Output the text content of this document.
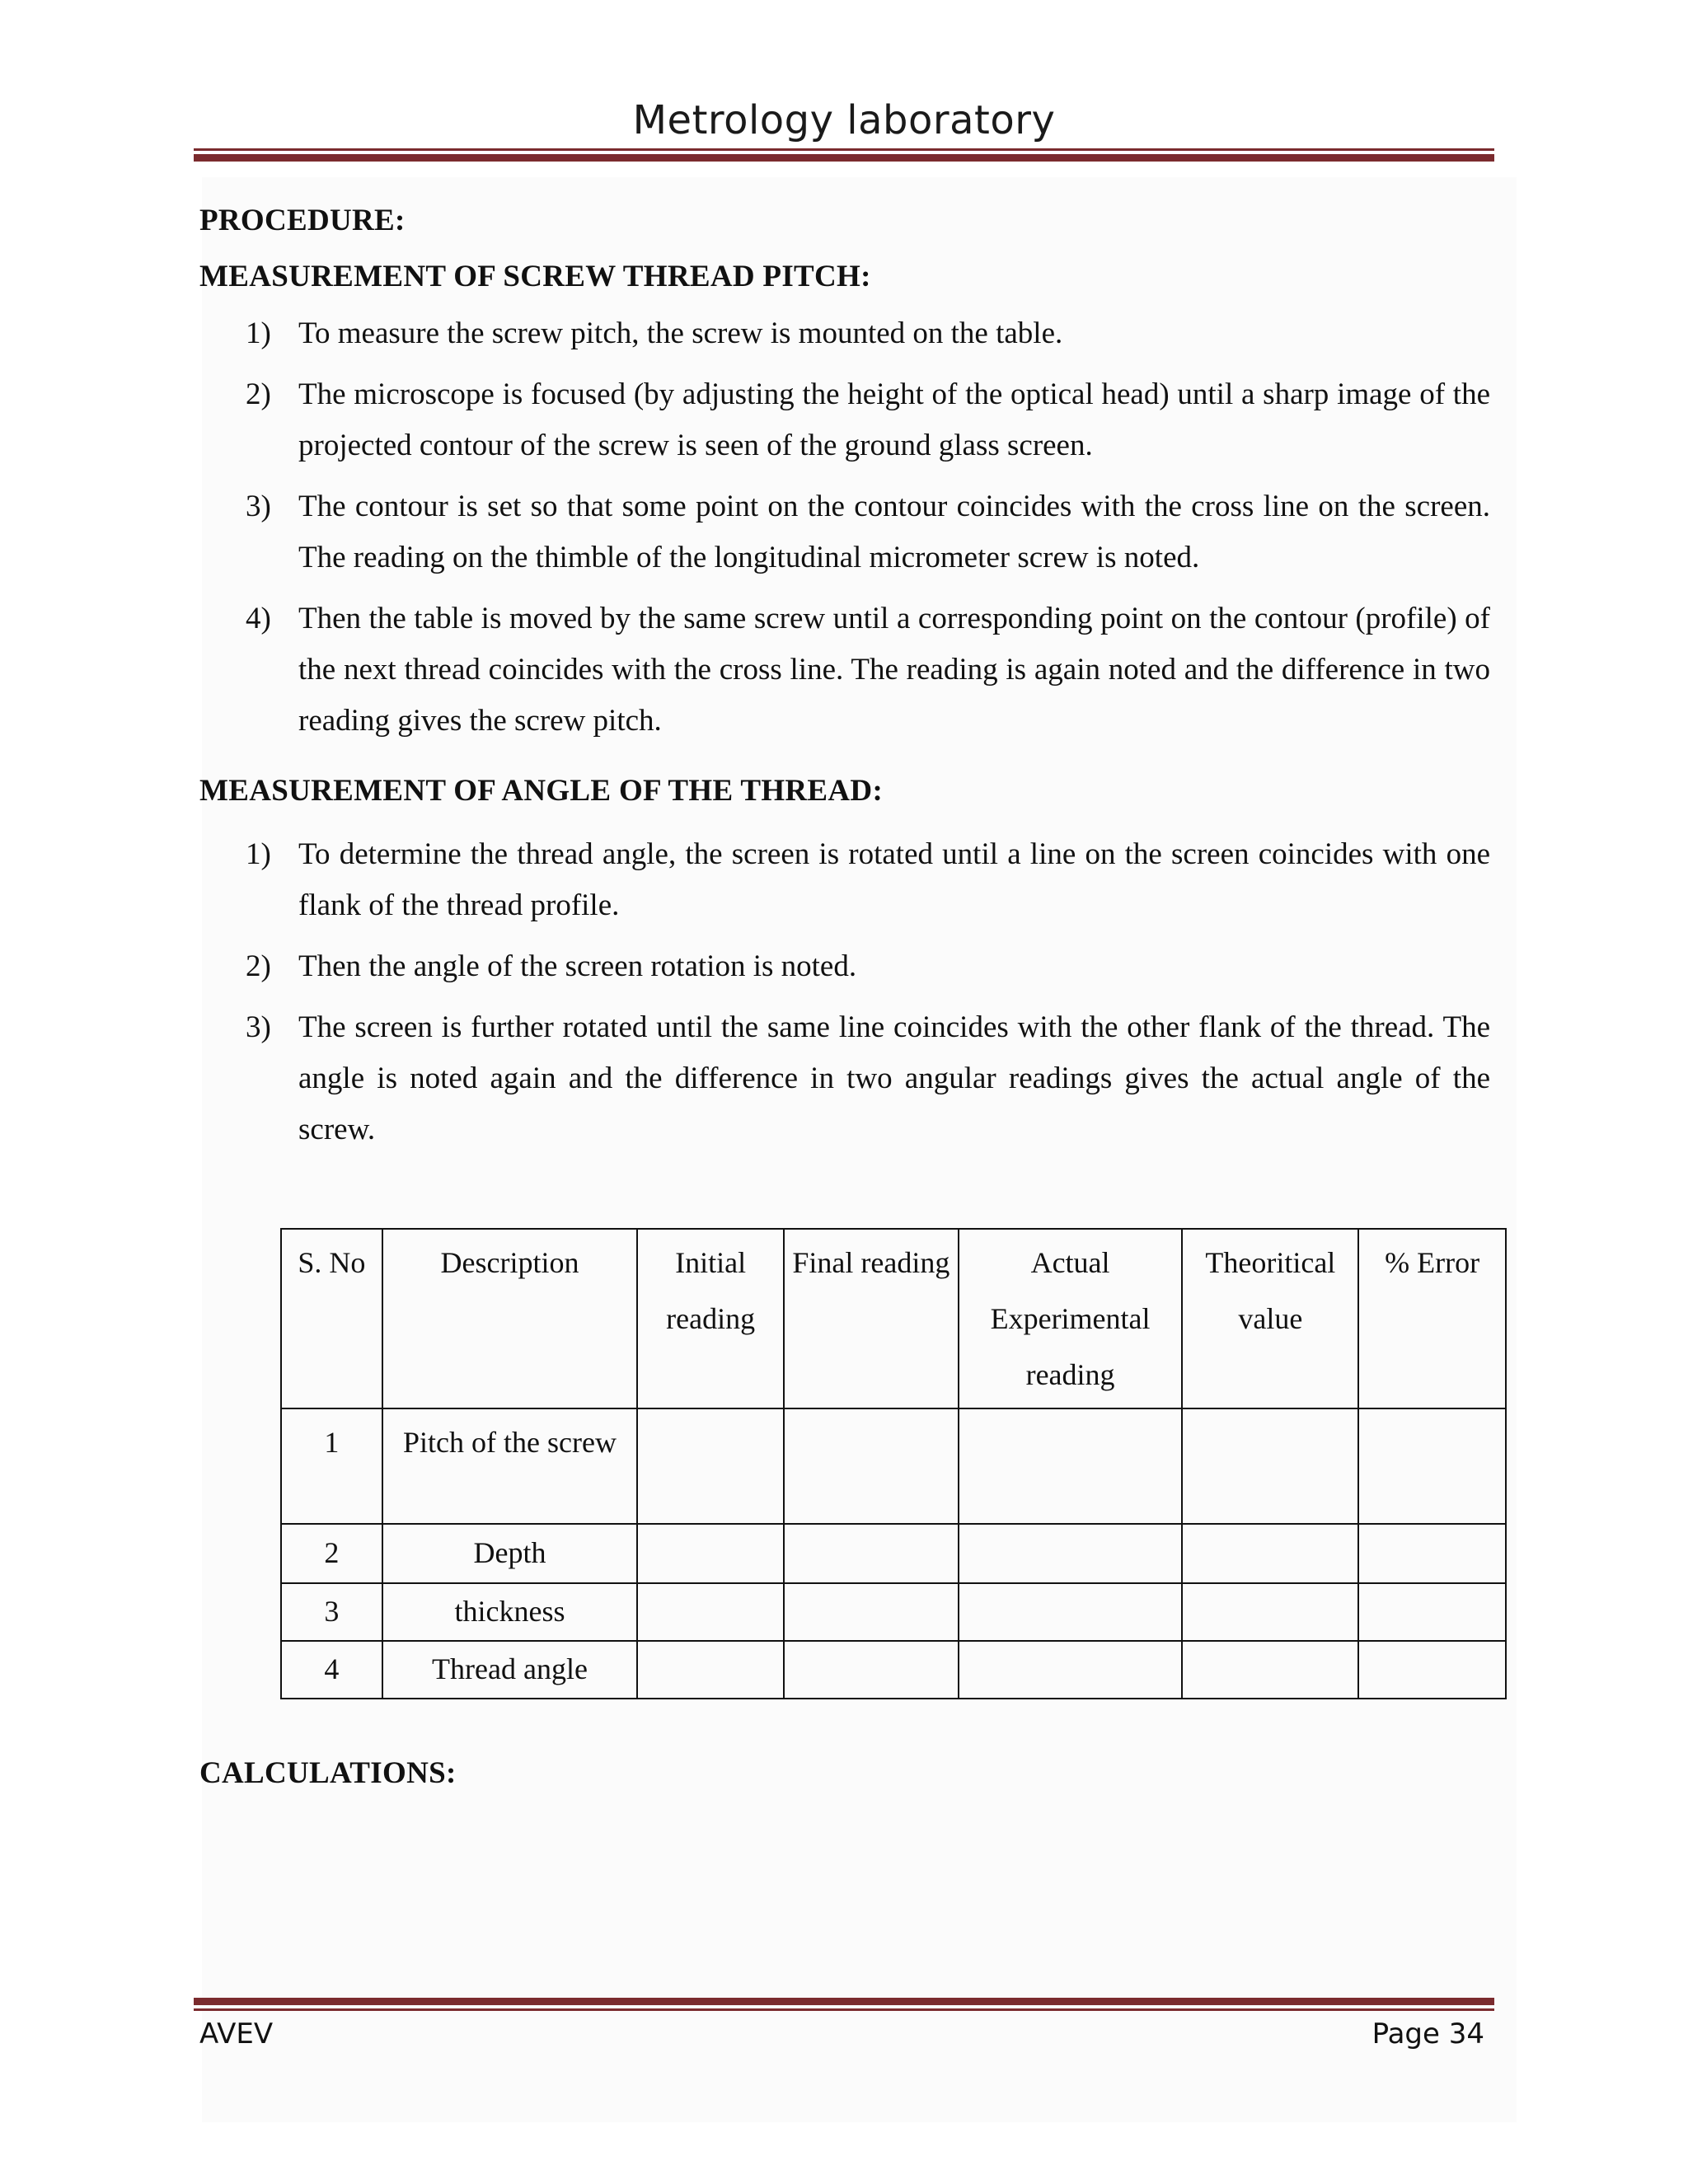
Metrology laboratory
PROCEDURE:
MEASUREMENT OF SCREW THREAD PITCH:
1) To measure the screw pitch, the screw is mounted on the table.
2) The microscope is focused (by adjusting the height of the optical head) until a sharp image of the projected contour of the screw is seen of the ground glass screen.
3) The contour is set so that some point on the contour coincides with the cross line on the screen. The reading on the thimble of the longitudinal micrometer screw is noted.
4) Then the table is moved by the same screw until a corresponding point on the contour (profile) of the next thread coincides with the cross line. The reading is again noted and the difference in two reading gives the screw pitch.
MEASUREMENT OF ANGLE OF THE THREAD:
1) To determine the thread angle, the screen is rotated until a line on the screen coincides with one flank of the thread profile.
2) Then the angle of the screen rotation is noted.
3) The screen is further rotated until the same line coincides with the other flank of the thread. The angle is noted again and the difference in two angular readings gives the actual angle of the screw.
S. No	Description	Initial reading	Final reading	Actual Experimental reading	Theoritical value	% Error
1	Pitch of the screw					
2	Depth					
3	thickness					
4	Thread angle					
CALCULATIONS:
AVEV	Page 34
